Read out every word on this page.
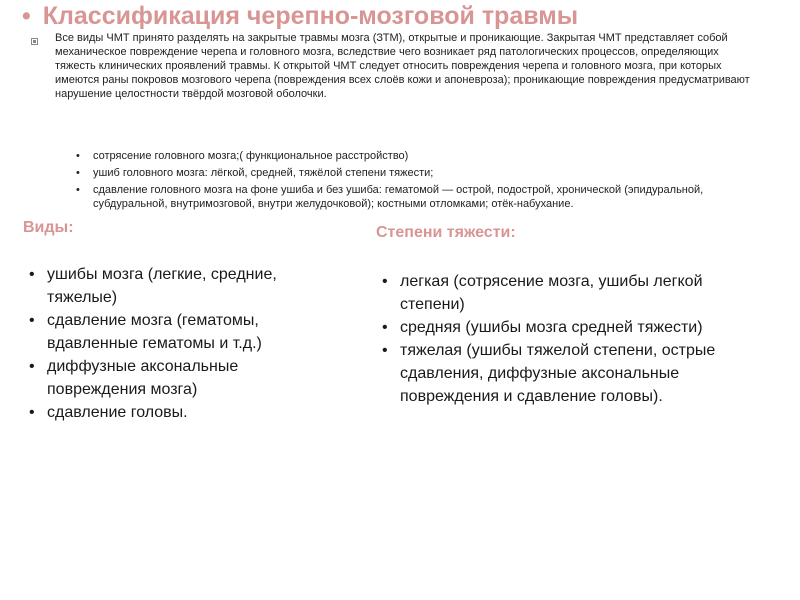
• Классификация черепно-мозговой травмы
Все виды ЧМТ принято разделять на закрытые травмы мозга (ЗТМ), открытые и проникающие. Закрытая ЧМТ представляет собой механическое повреждение черепа и головного мозга, вследствие чего возникает ряд патологических процессов, определяющих тяжесть клинических проявлений травмы. К открытой ЧМТ следует относить повреждения черепа и головного мозга, при которых имеются раны покровов мозгового черепа (повреждения всех слоёв кожи и апоневроза); проникающие повреждения предусматривают нарушение целостности твёрдой мозговой оболочки.
• сотрясение головного мозга;( функциональное расстройство)
• ушиб головного мозга: лёгкой, средней, тяжёлой степени тяжести;
• сдавление головного мозга на фоне ушиба и без ушиба: гематомой — острой, подострой, хронической (эпидуральной, субдуральной, внутримозговой, внутри желудочковой); костными отломками; отёк-набухание.
Виды:	Степени тяжести:
• ушибы мозга (легкие, средние, тяжелые)
• сдавление мозга (гематомы, вдавленные гематомы и т.д.)
• диффузные аксональные повреждения мозга)
• сдавление головы.
• легкая (сотрясение мозга, ушибы легкой степени)
• средняя (ушибы мозга средней тяжести)
• тяжелая (ушибы тяжелой степени, острые сдавления, диффузные аксональные повреждения и сдавление головы).
